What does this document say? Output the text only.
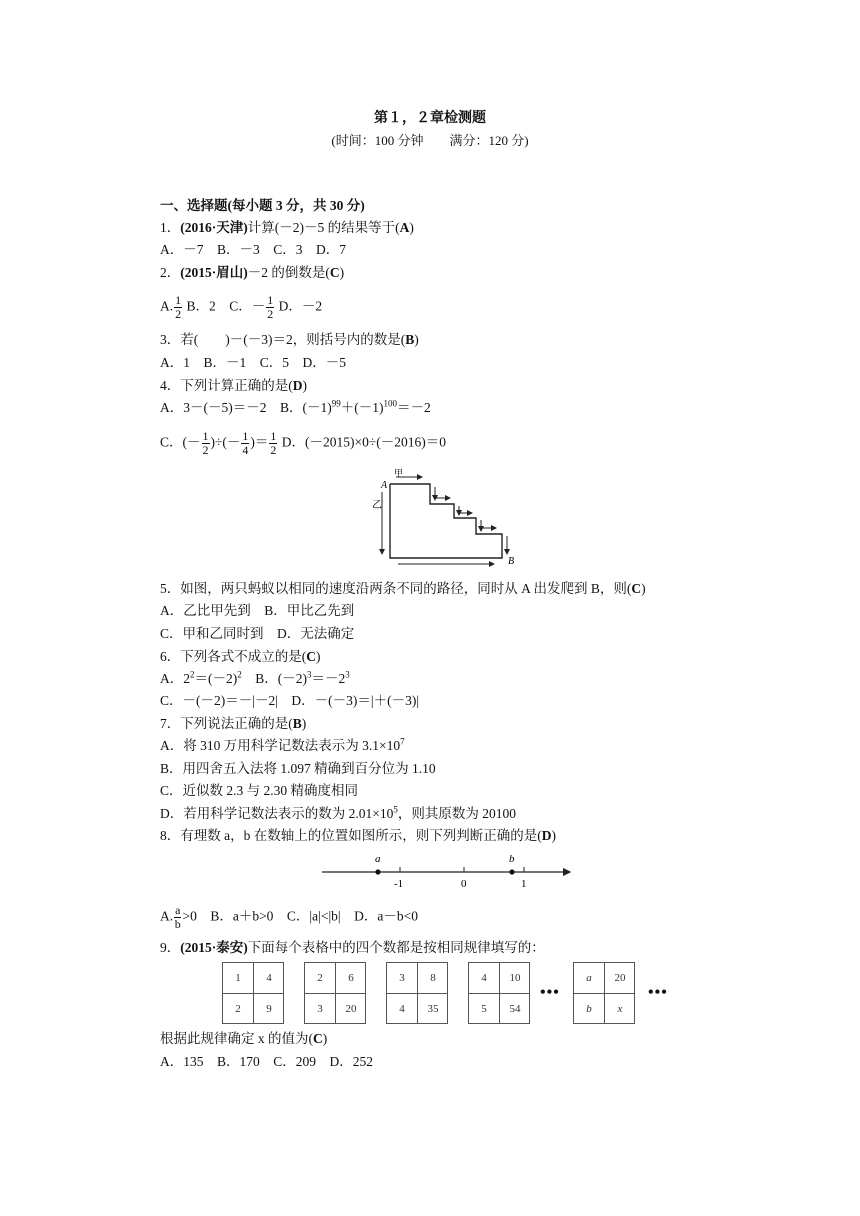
第１，２章检测题
(时间：100 分钟　　满分：120 分)
一、选择题(每小题 3 分，共 30 分)
1．(2016·天津)计算(－2)－5 的结果等于(A)
A．－7　B．－3　C．3　D．7
2．(2015·眉山)－2 的倒数是(C)
A. $\frac{1}{2}$ B．2　C．－ $\frac{1}{2}$ D．－2
3．若(　　)－(－3)＝2，则括号内的数是(B)
A．1　B．－1　C．5　D．－5
4．下列计算正确的是(D)
A．3－(－5)＝－2　B．$(-1)^{99}+(-1)^{100}=-2$
C．(－ $\frac{1}{2}$ )÷(－ $\frac{1}{4}$ )＝ $\frac{1}{2}$ D．(－2015)×0÷(－2016)＝0
A
B
甲
乙
5．如图，两只蚂蚁以相同的速度沿两条不同的路径，同时从 A 出发爬到 B，则(C)
A．乙比甲先到　B．甲比乙先到
C．甲和乙同时到　D．无法确定
6．下列各式不成立的是(C)
A．$2^2=(-2)^2$　B．$(-2)^3=-2^3$
C．－(－2)＝－|－2|　D．－(－3)＝|＋(－3)|
7．下列说法正确的是(B)
A．将 310 万用科学记数法表示为 $3.1\times 10^7$
B．用四舍五入法将 1.097 精确到百分位为 1.10
C．近似数 2.3 与 2.30 精确度相同
D．若用科学记数法表示的数为 $2.01\times 10^5$，则其原数为 20100
8．有理数 a，b 在数轴上的位置如图所示，则下列判断正确的是(D)
a	b
-1	0	1
A. $\frac{a}{b} >0$　B．a＋b>0　C．|a|<|b|　D．a－b<0
9．(2015·泰安)下面每个表格中的四个数都是按相同规律填写的：
1	4
2	9
2	6
3	20
3	8
4	35
4	10
5	54
a	20
b	x
•••	•••
根据此规律确定 x 的值为(C)
A．135　B．170　C．209　D．252
